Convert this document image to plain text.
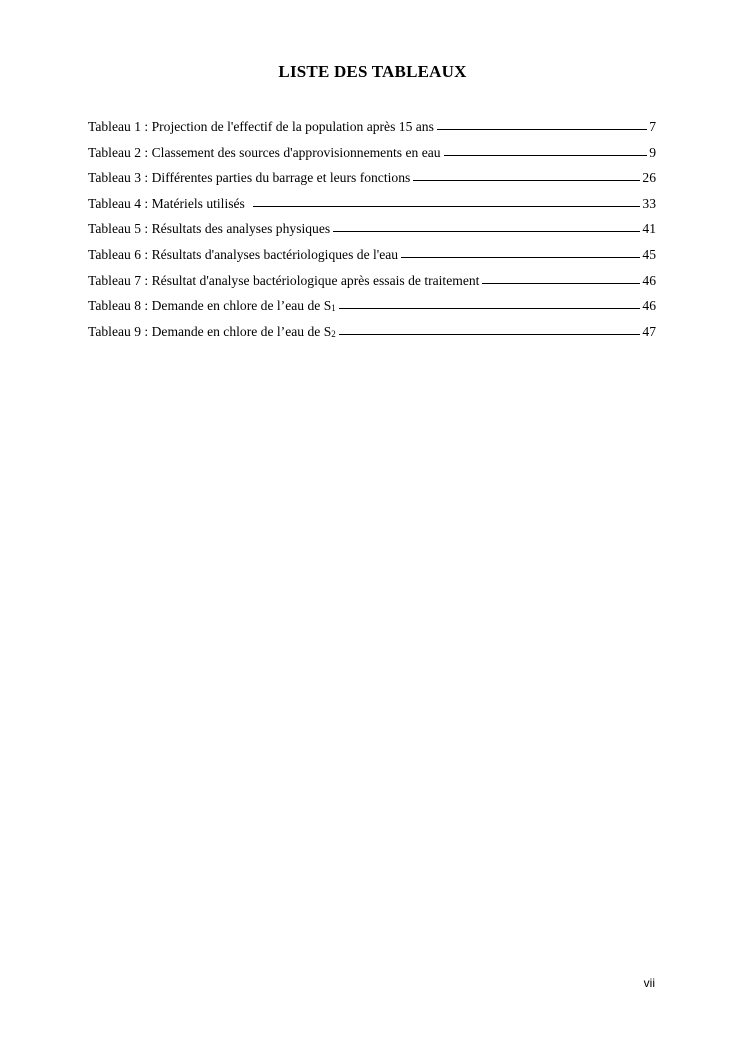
LISTE DES TABLEAUX
Tableau 1 : Projection de l'effectif de la population après 15 ans	7
Tableau 2 : Classement des sources d'approvisionnements en eau	9
Tableau 3 : Différentes parties du barrage et leurs fonctions	26
Tableau 4 : Matériels utilisés	33
Tableau 5 : Résultats des analyses physiques	41
Tableau 6 : Résultats d'analyses bactériologiques de l'eau	45
Tableau 7 : Résultat d'analyse bactériologique après essais de traitement	46
Tableau 8 : Demande en chlore de l’eau de $S_1$	46
Tableau 9 : Demande en chlore de l’eau de $S_2$	47
vii
